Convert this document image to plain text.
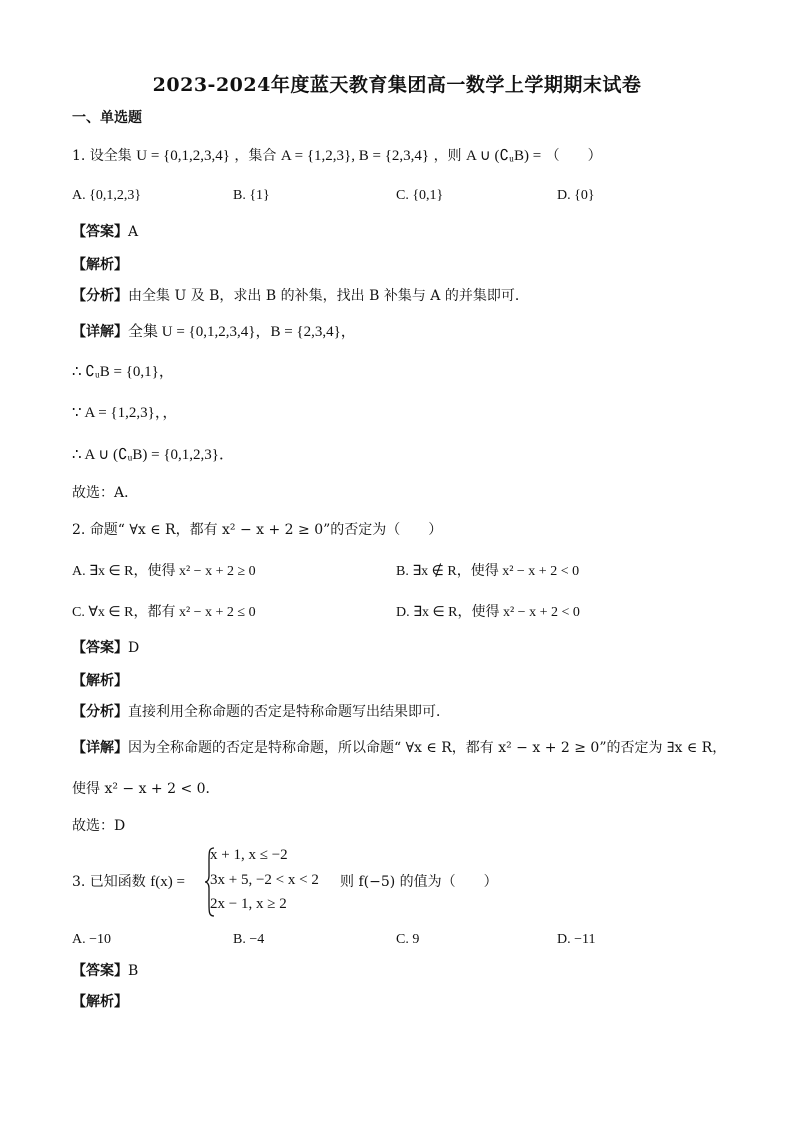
2023-2024年度蓝天教育集团高一数学上学期期末试卷
一、单选题
1. 设全集 U = {0,1,2,3,4} ，集合 A = {1,2,3}, B = {2,3,4} ，则 A ∪ (∁ᵤB) = （　　）
A. {0,1,2,3}	B. {1}	C. {0,1}	D. {0}
【答案】A
【解析】
【分析】由全集 U 及 B，求出 B 的补集，找出 B 补集与 A 的并集即可．
【详解】全集 U = {0,1,2,3,4}，B = {2,3,4}，
∴ ∁ᵤB = {0,1}，
∵ A = {1,2,3}，，
∴ A ∪ (∁ᵤB) = {0,1,2,3}．
故选：A．
2. 命题“ ∀x ∈ R，都有 x² − x + 2 ≥ 0”的否定为（　　）
A. ∃x ∈ R，使得 x² − x + 2 ≥ 0	B. ∃x ∉ R，使得 x² − x + 2 < 0
C. ∀x ∈ R，都有 x² − x + 2 ≤ 0	D. ∃x ∈ R，使得 x² − x + 2 < 0
【答案】D
【解析】
【分析】直接利用全称命题的否定是特称命题写出结果即可．
【详解】因为全称命题的否定是特称命题，所以命题“ ∀x ∈ R，都有 x² − x + 2 ≥ 0”的否定为 ∃x ∈ R，
使得 x² − x + 2 < 0．
故选：D
3. 已知函数 f(x) =
x + 1, x ≤ −2
3x + 5, −2 < x < 2
2x − 1, x ≥ 2
则 f(−5) 的值为（　　）
A. −10	B. −4	C. 9	D. −11
【答案】B
【解析】
